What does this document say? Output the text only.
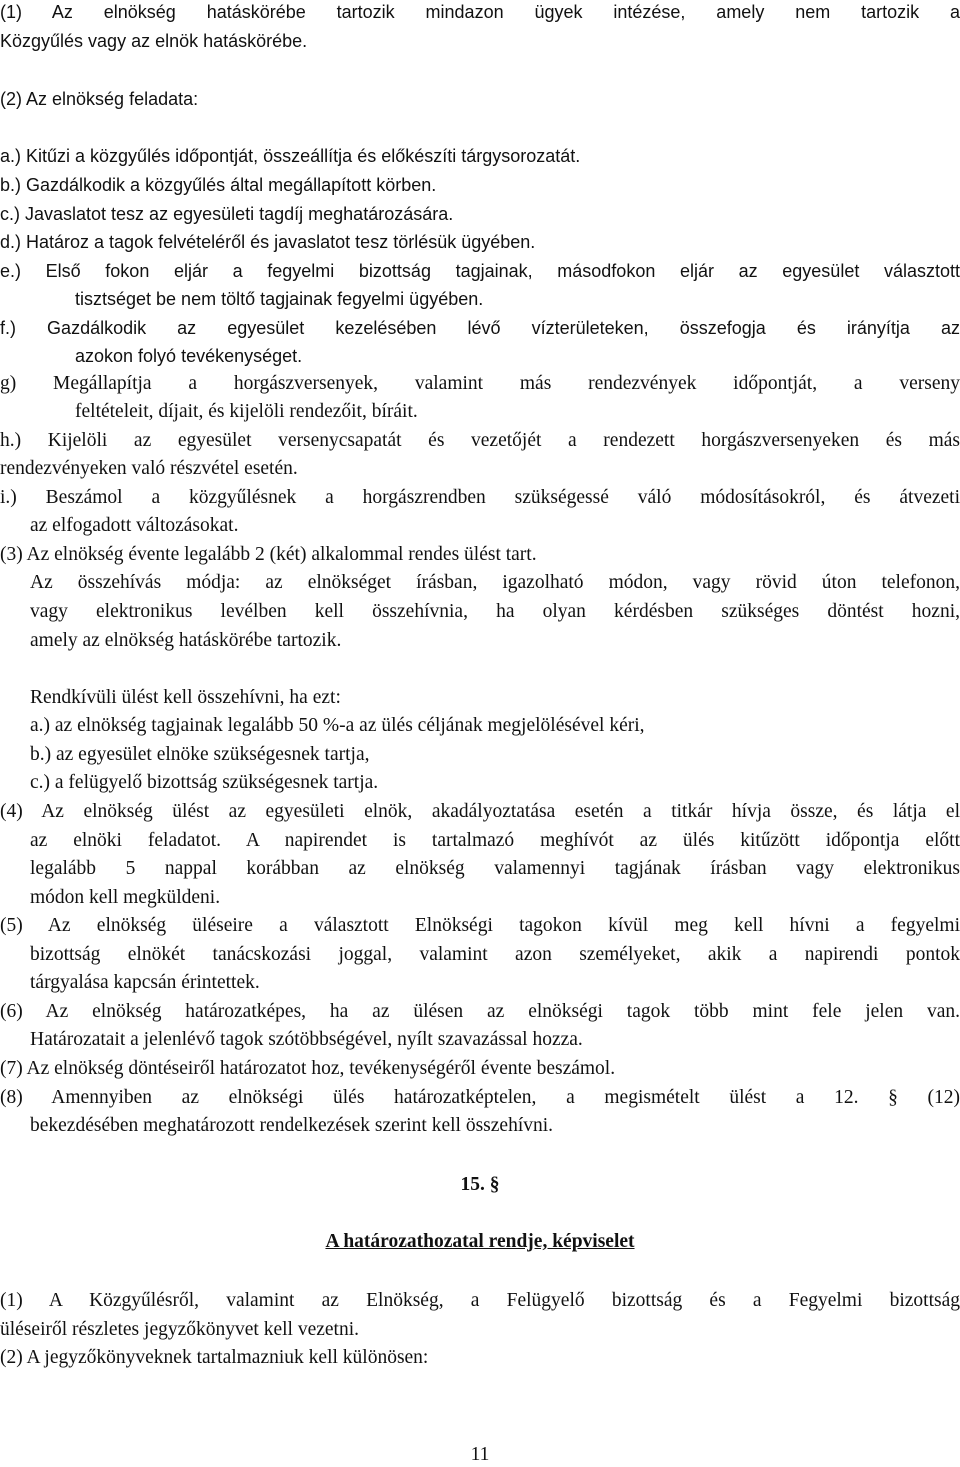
(1) Az elnökség hatáskörébe tartozik mindazon ügyek intézése, amely nem tartozik a
Közgyűlés vagy az elnök hatáskörébe.
(2) Az elnökség feladata:
a.) Kitűzi a közgyűlés időpontját, összeállítja és előkészíti tárgysorozatát.
b.) Gazdálkodik a közgyűlés által megállapított körben.
c.) Javaslatot tesz az egyesületi tagdíj meghatározására.
d.) Határoz a tagok felvételéről és javaslatot tesz törlésük ügyében.
e.) Első fokon eljár a fegyelmi bizottság tagjainak, másodfokon eljár az egyesület választott
tisztséget be nem töltő tagjainak fegyelmi ügyében.
f.) Gazdálkodik az egyesület kezelésében lévő vízterületeken, összefogja és irányítja az
azokon folyó tevékenységet.
g) Megállapítja a horgászversenyek, valamint más rendezvények időpontját, a verseny
feltételeit, díjait, és kijelöli rendezőit, bíráit.
h.) Kijelöli az egyesület versenycsapatát és vezetőjét a rendezett horgászversenyeken és más
rendezvényeken való részvétel esetén.
i.) Beszámol a közgyűlésnek a horgászrendben szükségessé váló módosításokról, és átvezeti
az elfogadott változásokat.
(3) Az elnökség évente legalább 2 (két) alkalommal rendes ülést tart.
Az összehívás módja: az elnökséget írásban, igazolható módon, vagy rövid úton telefonon,
vagy elektronikus levélben kell összehívnia, ha olyan kérdésben szükséges döntést hozni,
amely az elnökség hatáskörébe tartozik.
Rendkívüli ülést kell összehívni, ha ezt:
a.) az elnökség tagjainak legalább 50 %-a az ülés céljának megjelölésével kéri,
b.) az egyesület elnöke szükségesnek tartja,
c.) a felügyelő bizottság szükségesnek tartja.
(4) Az elnökség ülést az egyesületi elnök, akadályoztatása esetén a titkár hívja össze, és látja el
az elnöki feladatot. A napirendet is tartalmazó meghívót az ülés kitűzött időpontja előtt
legalább 5 nappal korábban az elnökség valamennyi tagjának írásban vagy elektronikus
módon kell megküldeni.
(5) Az elnökség üléseire a választott Elnökségi tagokon kívül meg kell hívni a fegyelmi
bizottság elnökét tanácskozási joggal, valamint azon személyeket, akik a napirendi pontok
tárgyalása kapcsán érintettek.
(6) Az elnökség határozatképes, ha az ülésen az elnökségi tagok több mint fele jelen van.
Határozatait a jelenlévő tagok szótöbbségével, nyílt szavazással hozza.
(7) Az elnökség döntéseiről határozatot hoz, tevékenységéről évente beszámol.
(8) Amennyiben az elnökségi ülés határozatképtelen, a megismételt ülést a 12. § (12)
bekezdésében meghatározott rendelkezések szerint kell összehívni.
(1) A Közgyűlésről, valamint az Elnökség, a Felügyelő bizottság és a Fegyelmi bizottság
üléseiről részletes jegyzőkönyvet kell vezetni.
(2) A jegyzőkönyveknek tartalmazniuk kell különösen:
15. §
A határozathozatal rendje, képviselet
11
